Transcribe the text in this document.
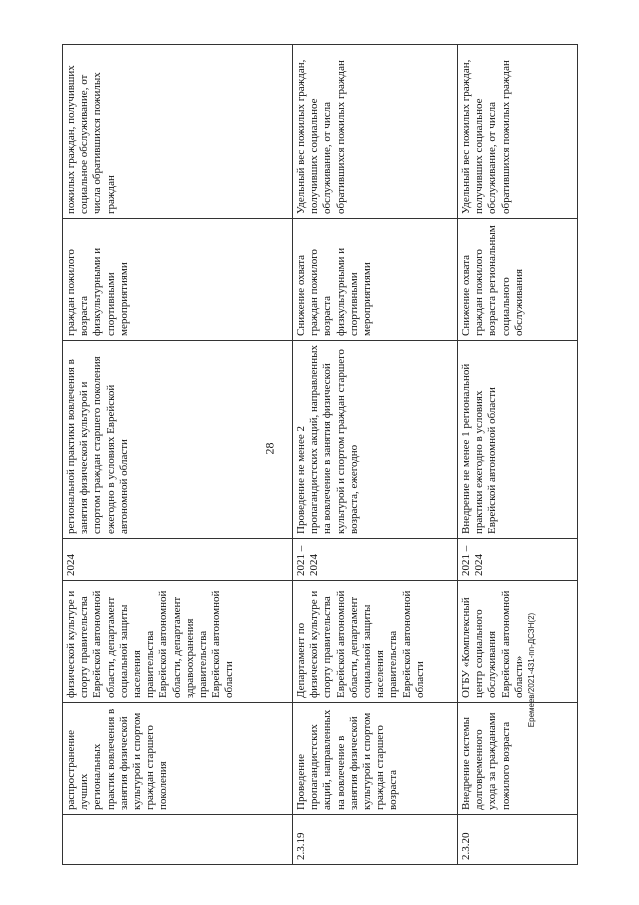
28
	распространение лучших региональных практик вовлечения в занятия физической культурой и спортом граждан старшего поколения	физической культуре и спорту правительства Еврейской автономной области, департамент социальной защиты населения правительства Еврейской автономной области, департамент здравоохранения правительства Еврейской автономной области	2024	региональной практики вовлечения в занятия физической культурой и спортом граждан старшего поколения ежегодно в условиях Еврейской автономной области	граждан пожилого возраста физкультурными и спортивными мероприятиями	пожилых граждан, получивших социальное обслуживание, от числа обратившихся пожилых граждан
2.3.19	Проведение пропагандистских акций, направленных на вовлечение в занятия физической культурой и спортом граждан старшего возраста	Департамент по физической культуре и спорту правительства Еврейской автономной области, департамент социальной защиты населения правительства Еврейской автономной области	2021 – 2024	Проведение не менее 2 пропагандистских акций, направленных на вовлечение в занятия физической культурой и спортом граждан старшего возраста, ежегодно	Снижение охвата граждан пожилого возраста физкультурными и спортивными мероприятиями	Удельный вес пожилых граждан, получивших социальное обслуживание, от числа обратившихся пожилых граждан
2.3.20	Внедрение системы долговременного ухода за гражданами пожилого возраста	ОГБУ «Комплексный центр социального обслуживания Еврейской автономной области»	2021 – 2024	Внедрение не менее 1 региональной практики ежегодно в условиях Еврейской автономной области	Снижение охвата граждан пожилого возраста региональным социального обслуживания	Удельный вес пожилых граждан, получивших социальное обслуживание, от числа обратившихся пожилых граждан
Еремеев/2021-431-пп-ДСЗН(2)
